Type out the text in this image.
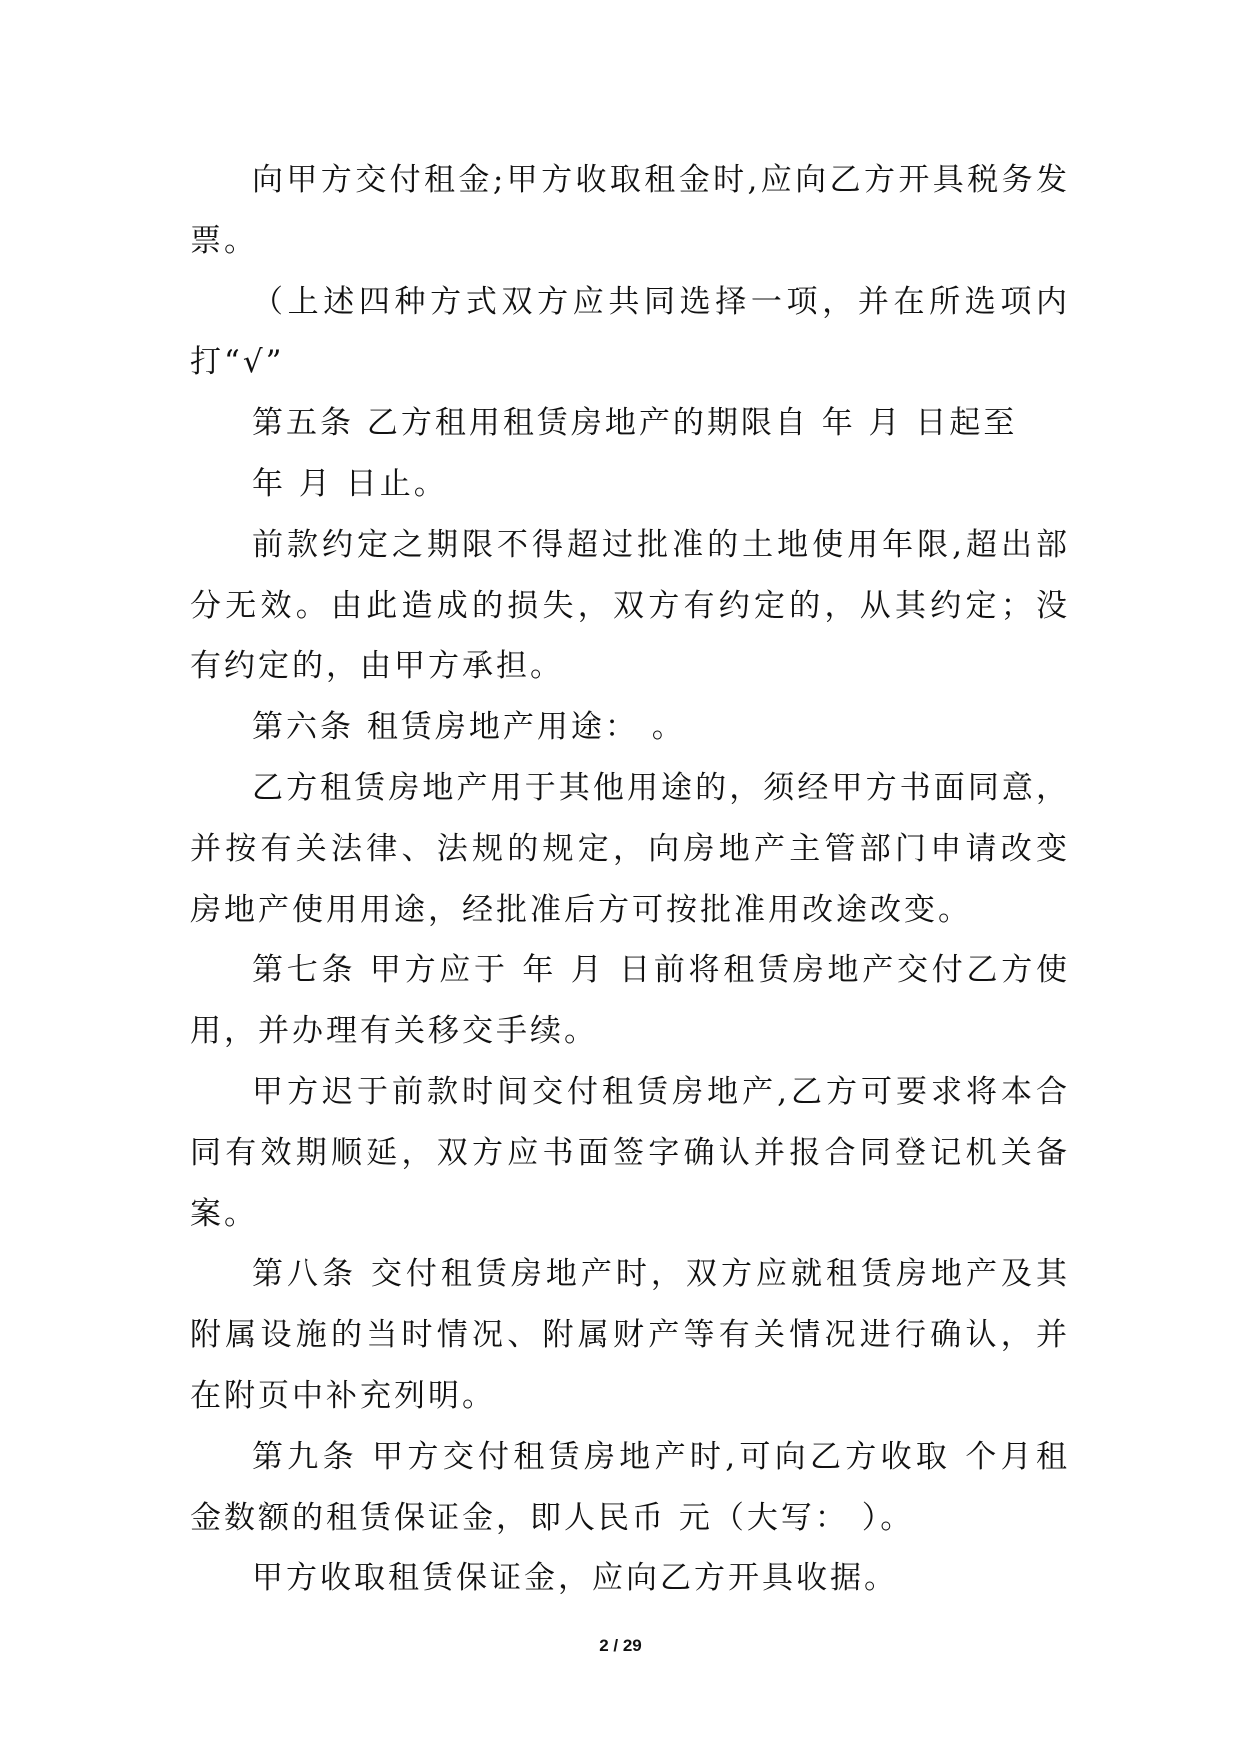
向甲方交付租金;甲方收取租金时,应向乙方开具税务发票。

（上述四种方式双方应共同选择一项，并在所选项内打“√”

第五条 乙方租用租赁房地产的期限自 年 月 日起至

年 月 日止。

前款约定之期限不得超过批准的土地使用年限,超出部分无效。由此造成的损失，双方有约定的，从其约定；没有约定的，由甲方承担。

第六条 租赁房地产用途： 。

乙方租赁房地产用于其他用途的，须经甲方书面同意，并按有关法律、法规的规定，向房地产主管部门申请改变房地产使用用途，经批准后方可按批准用改途改变。

第七条 甲方应于 年 月 日前将租赁房地产交付乙方使用，并办理有关移交手续。

甲方迟于前款时间交付租赁房地产,乙方可要求将本合同有效期顺延，双方应书面签字确认并报合同登记机关备案。

第八条 交付租赁房地产时，双方应就租赁房地产及其附属设施的当时情况、附属财产等有关情况进行确认，并在附页中补充列明。

第九条 甲方交付租赁房地产时,可向乙方收取 个月租金数额的租赁保证金，即人民币 元（大写： ）。

甲方收取租赁保证金，应向乙方开具收据。

2 / 29
